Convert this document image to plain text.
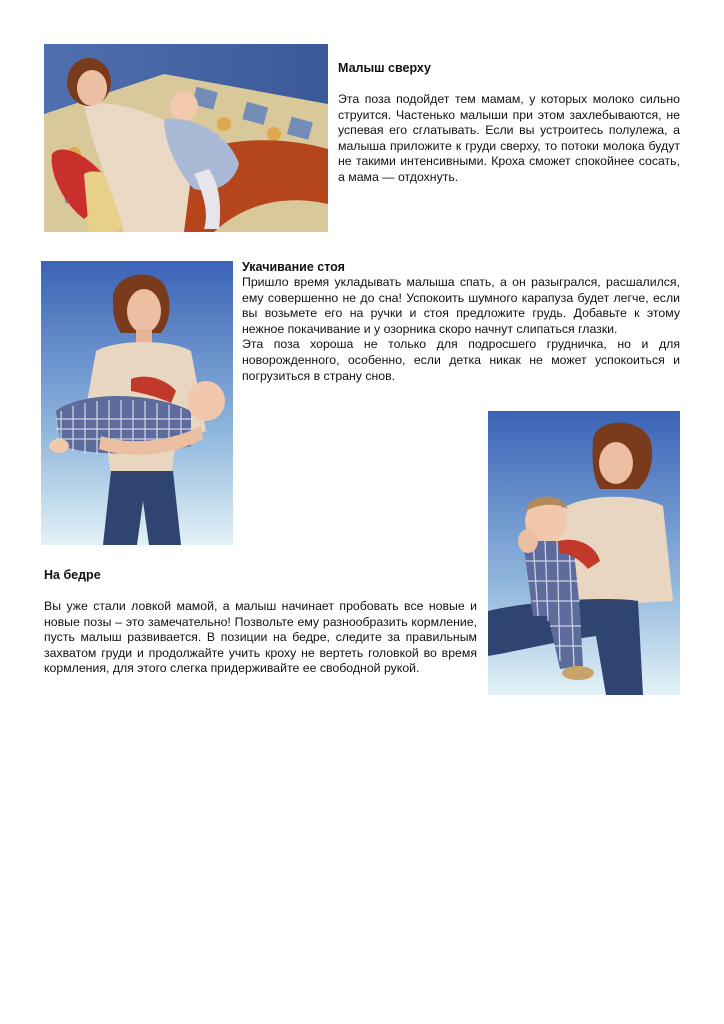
Малыш сверху

Эта поза подойдет тем мамам, у которых молоко сильно струится. Частенько малыши при этом захлебываются, не успевая его сглатывать. Если вы устроитесь полулежа, а малыша приложите к груди сверху, то потоки молока будут не такими интенсивными. Кроха сможет спокойнее сосать, а мама — отдохнуть.

Укачивание стоя

Пришло время укладывать малыша спать, а он разыгрался, расшалился, ему совершенно не до сна! Успокоить шумного карапуза будет легче, если вы возьмете его на ручки и стоя предложите грудь. Добавьте к этому нежное покачивание и у озорника скоро начнут слипаться глазки.

Эта поза хороша не только для подросшего грудничка, но и для новорожденного, особенно, если детка никак не может успокоиться и погрузиться в страну снов.

На бедре

Вы уже стали ловкой мамой, а малыш начинает пробовать все новые и новые позы – это замечательно! Позвольте ему разнообразить кормление, пусть малыш развивается. В позиции на бедре, следите за правильным захватом груди и продолжайте учить кроху не вертеть головкой во время кормления, для этого слегка придерживайте ее свободной рукой.
